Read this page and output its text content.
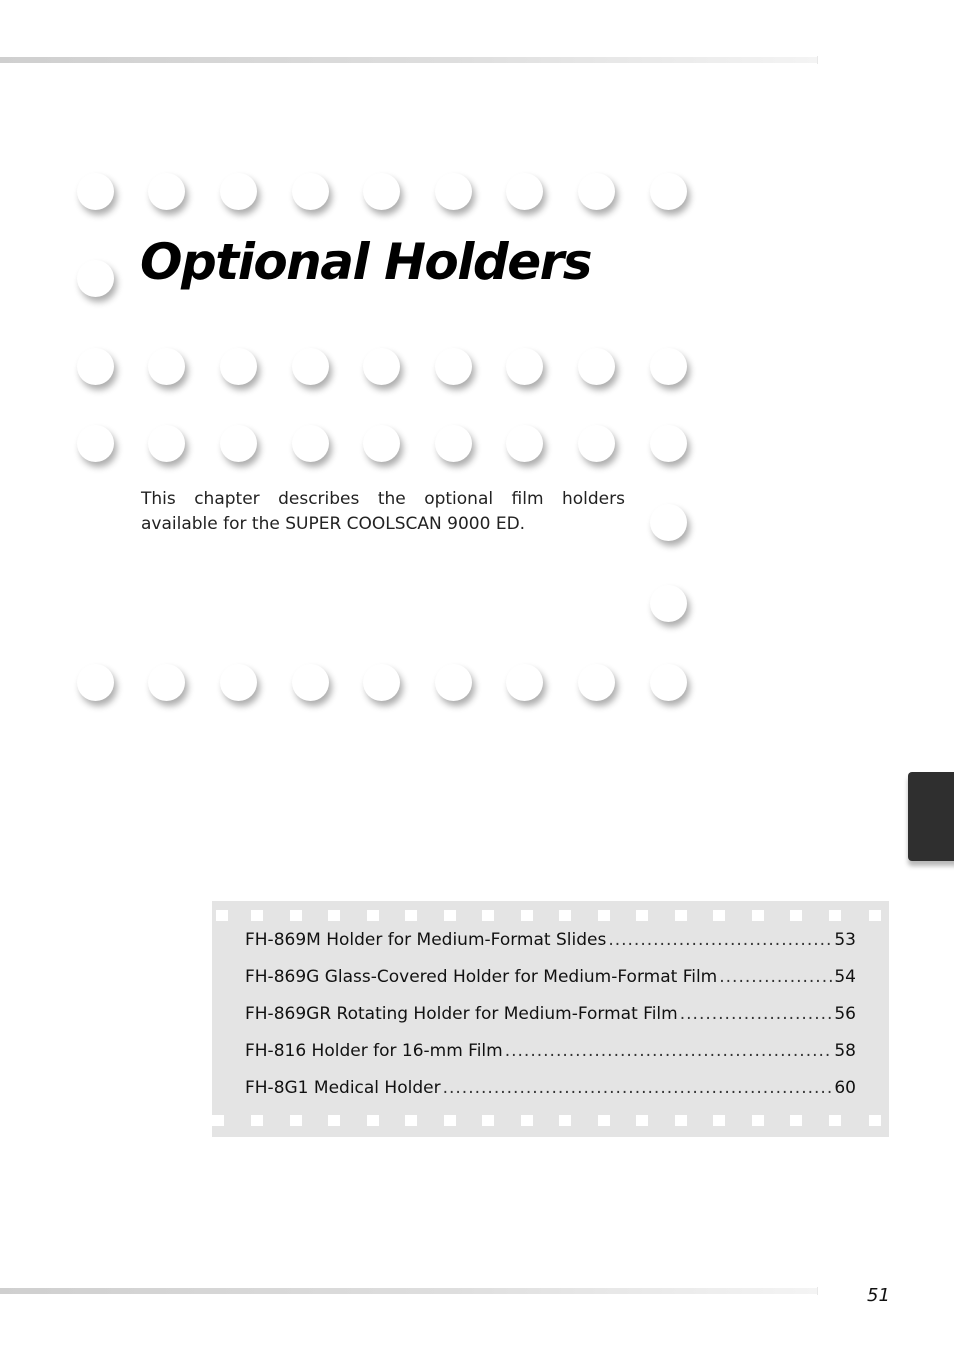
Optional Holders

This chapter describes the optional film holders available for the SUPER COOLSCAN 9000 ED.

FH-869M Holder for Medium-Format Slides .....	53
FH-869G Glass-Covered Holder for Medium-Format Film .....	54
FH-869GR Rotating Holder for Medium-Format Film .....	56
FH-816 Holder for 16-mm Film .....	58
FH-8G1 Medical Holder .....	60

51
